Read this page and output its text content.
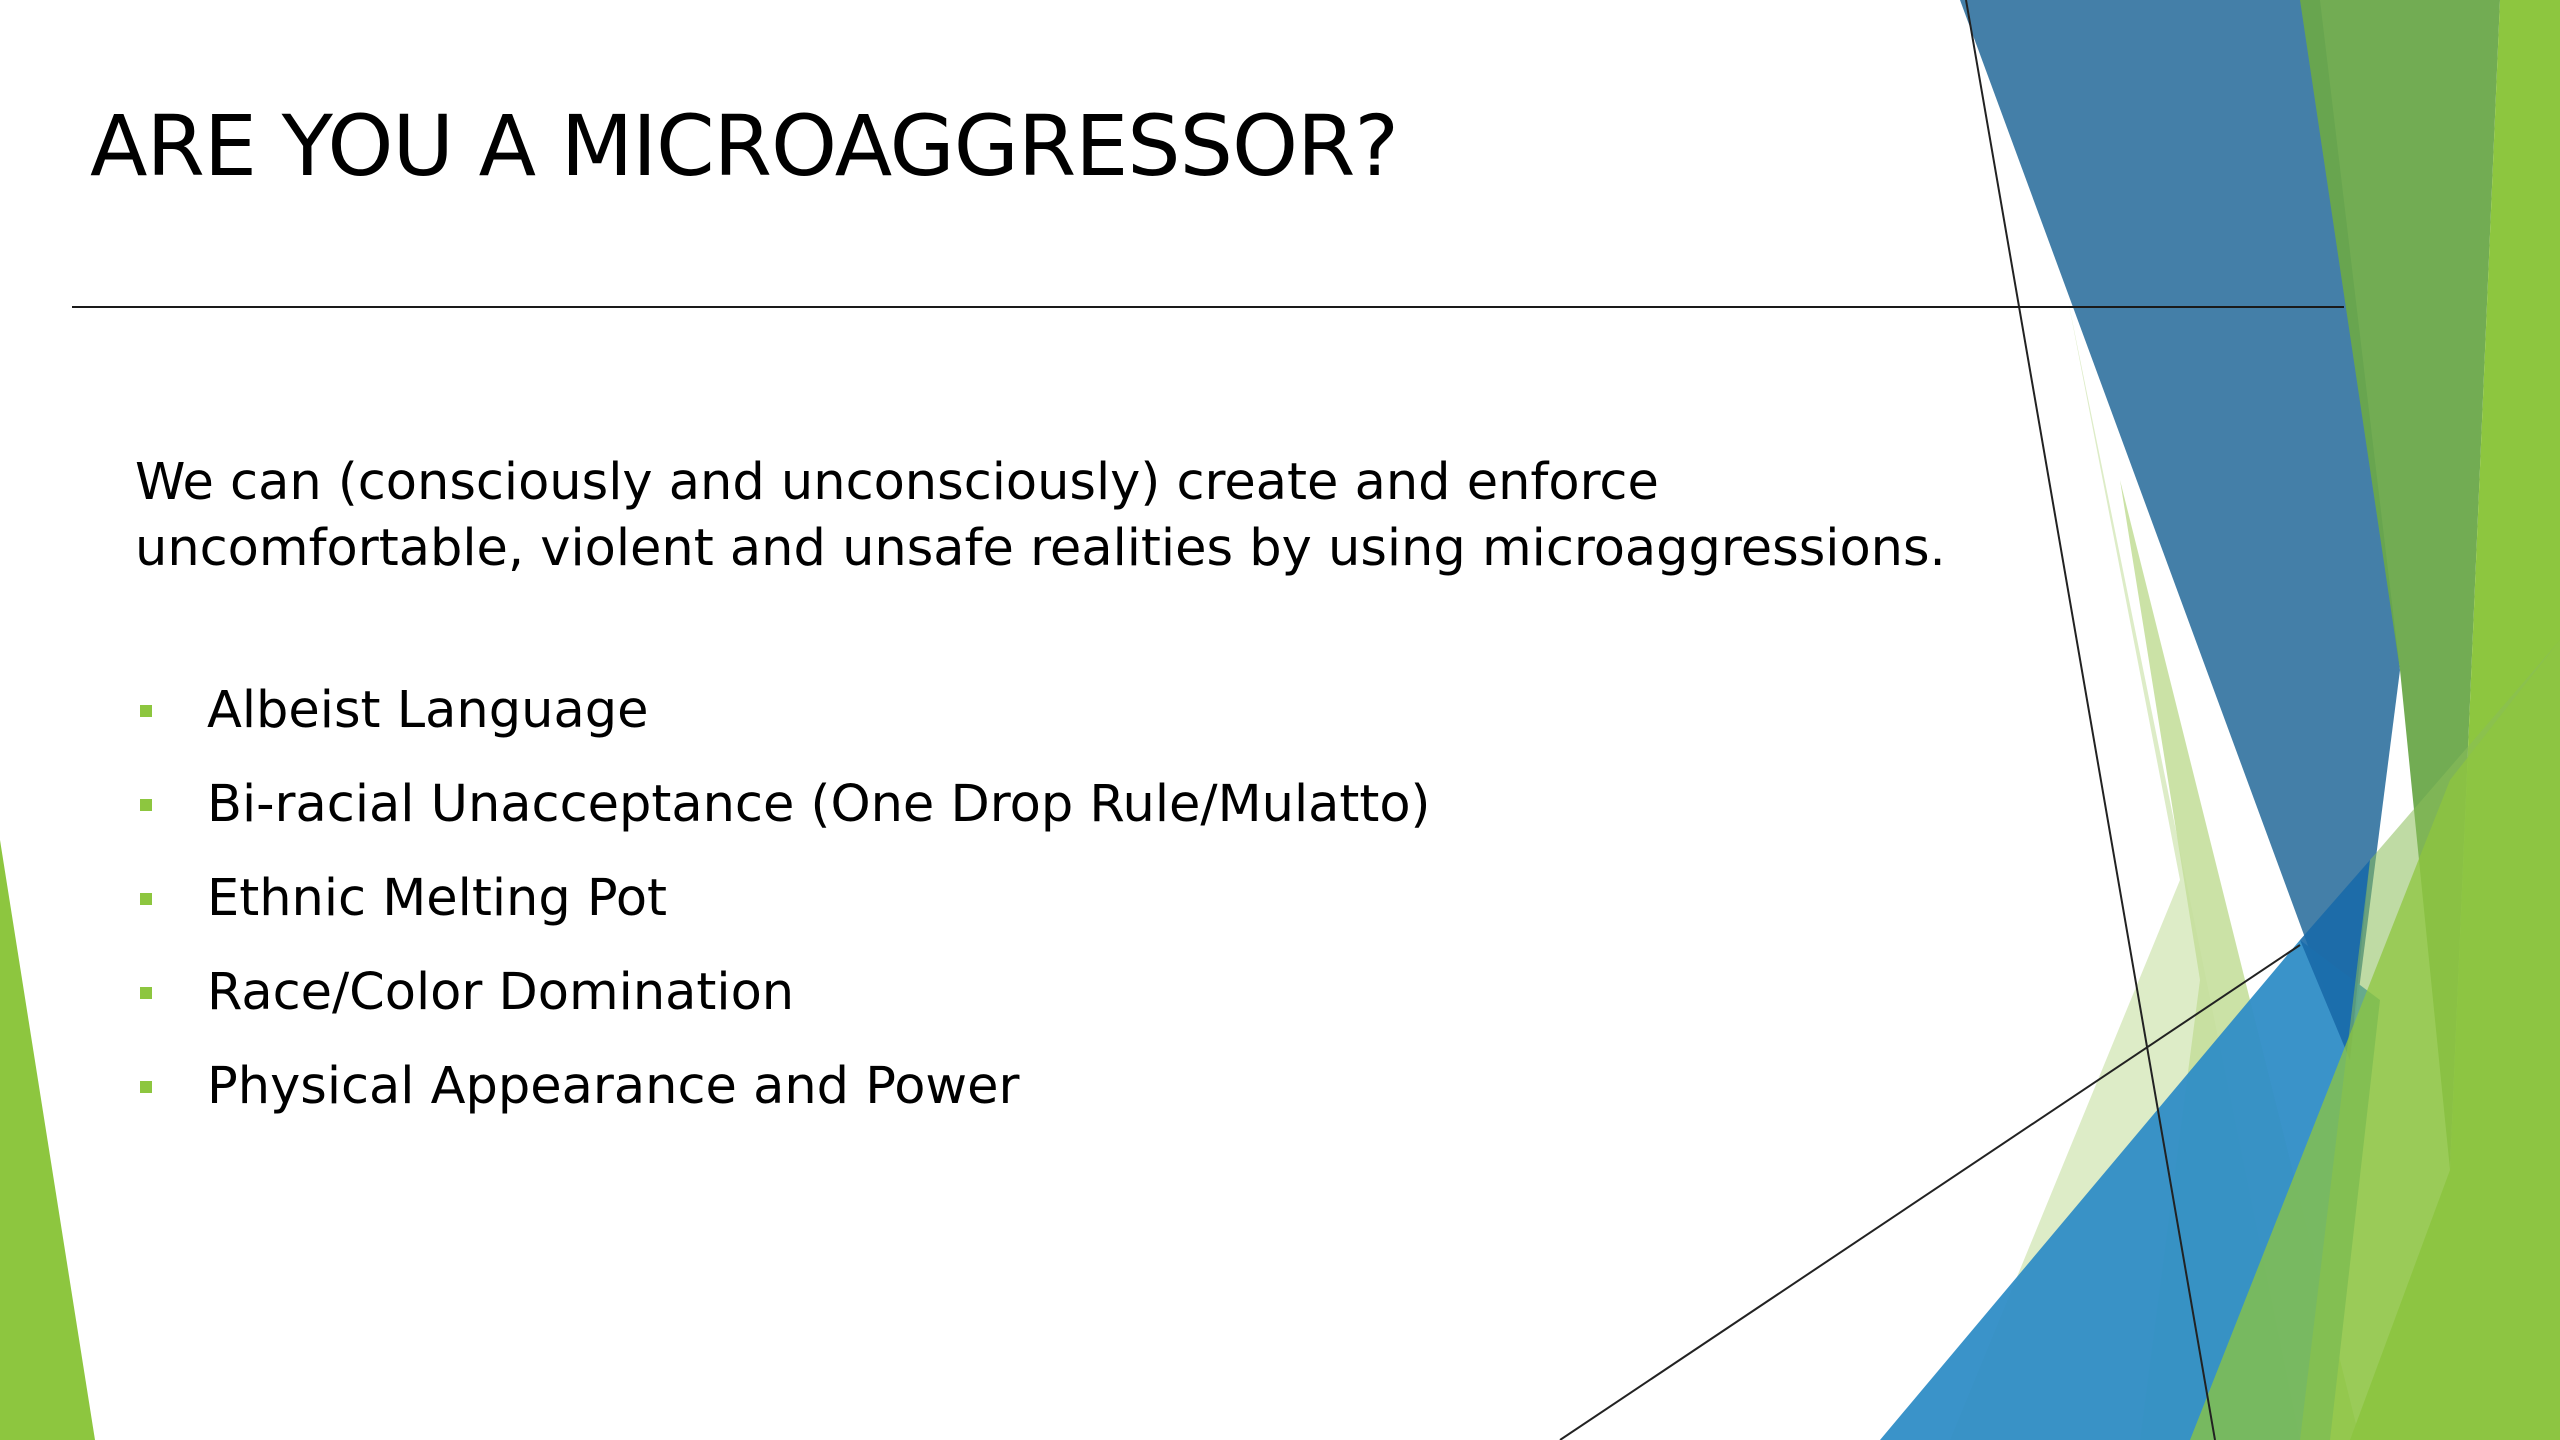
ARE YOU A MICROAGGRESSOR?

We can (consciously and unconsciously) create and enforce
uncomfortable, violent and unsafe realities by using microaggressions.

Albeist Language
Bi-racial Unacceptance (One Drop Rule/Mulatto)
Ethnic Melting Pot
Race/Color Domination
Physical Appearance and Power
